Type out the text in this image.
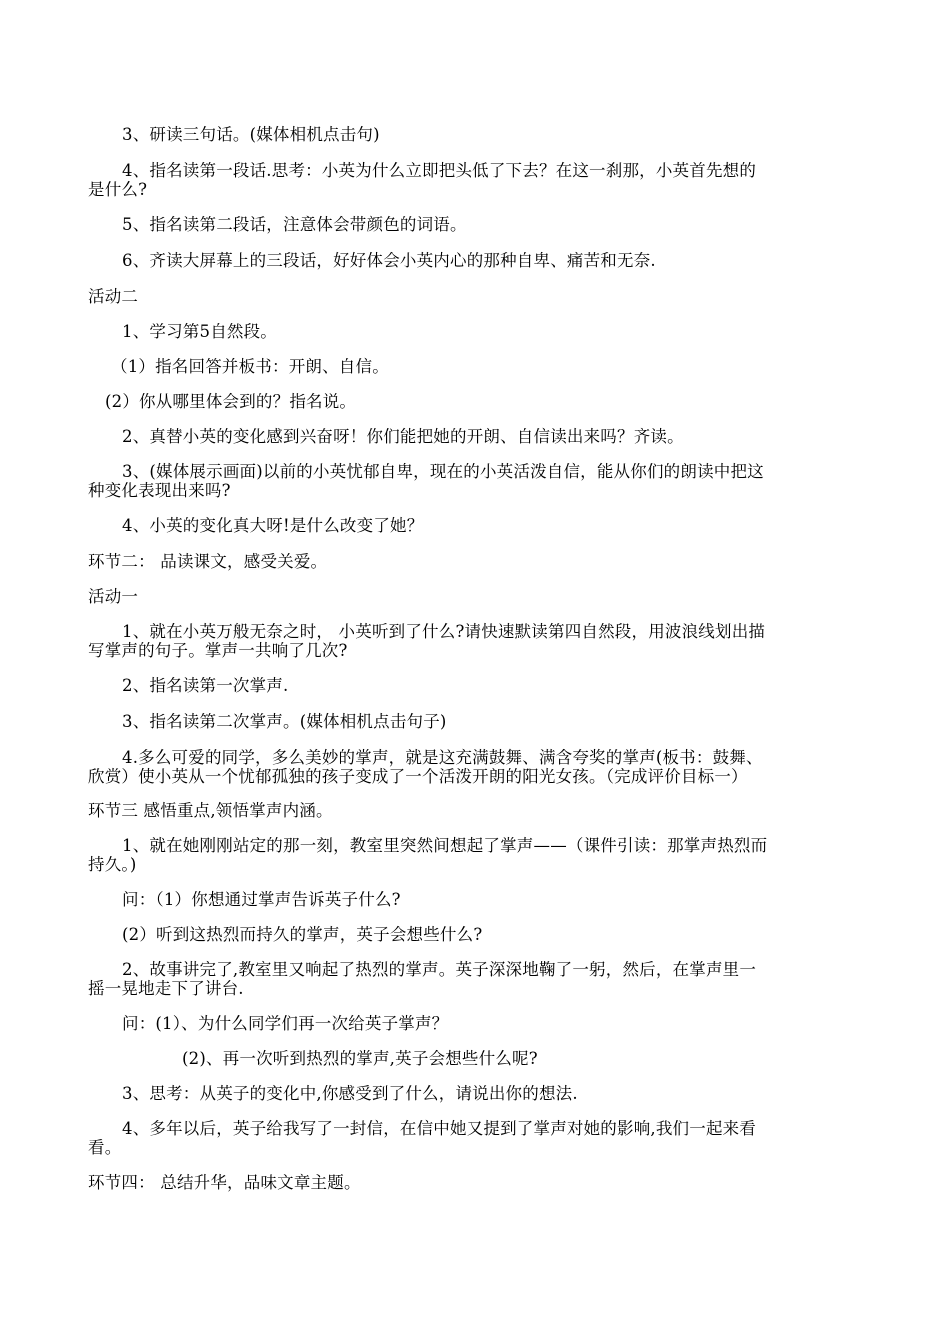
3、研读三句话。(媒体相机点击句)
4、指名读第一段话.思考：小英为什么立即把头低了下去？在这一刹那，小英首先想的
是什么?
5、指名读第二段话，注意体会带颜色的词语。
6、齐读大屏幕上的三段话，好好体会小英内心的那种自卑、痛苦和无奈.
活动二
1、学习第5自然段。
（1）指名回答并板书：开朗、自信。
(2）你从哪里体会到的？指名说。
2、真替小英的变化感到兴奋呀！你们能把她的开朗、自信读出来吗？齐读。
3、(媒体展示画面)以前的小英忧郁自卑，现在的小英活泼自信，能从你们的朗读中把这
种变化表现出来吗?
4、小英的变化真大呀!是什么改变了她？
环节二： 品读课文，感受关爱。
活动一
1、就在小英万般无奈之时， 小英听到了什么?请快速默读第四自然段，用波浪线划出描
写掌声的句子。掌声一共响了几次?
2、指名读第一次掌声.
3、指名读第二次掌声。(媒体相机点击句子)
4.多么可爱的同学，多么美妙的掌声，就是这充满鼓舞、满含夸奖的掌声(板书：鼓舞、
欣赏）使小英从一个忧郁孤独的孩子变成了一个活泼开朗的阳光女孩。（完成评价目标一）
环节三 感悟重点,领悟掌声内涵。
1、就在她刚刚站定的那一刻，教室里突然间想起了掌声——（课件引读：那掌声热烈而
持久。)
问：（1）你想通过掌声告诉英子什么?
(2）听到这热烈而持久的掌声，英子会想些什么?
2、故事讲完了,教室里又响起了热烈的掌声。英子深深地鞠了一躬，然后，在掌声里一
摇一晃地走下了讲台.
问：(1）、为什么同学们再一次给英子掌声？
(2)、再一次听到热烈的掌声,英子会想些什么呢?
3、思考：从英子的变化中,你感受到了什么，请说出你的想法.
4、多年以后，英子给我写了一封信，在信中她又提到了掌声对她的影响,我们一起来看
看。
环节四： 总结升华，品味文章主题。
